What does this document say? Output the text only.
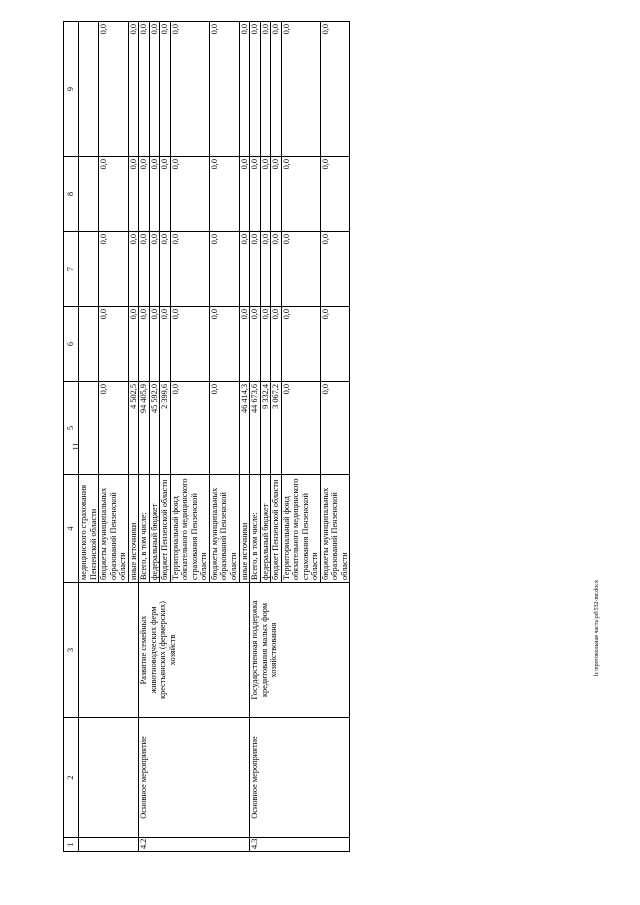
11
1	2	3	4	5	6	7	8	9
			медицинского страхования Пензенской области					
			бюджеты муниципальных образований Пензенской области	0,0	0,0	0,0	0,0	0,0
			иные источники	4 502,5	0,0	0,0	0,0	0,0
4.2.	Основное мероприятие	Развитие семейных животноводческих ферм крестьянских (фермерских) хозяйств	Всего, в том числе:	94 405,9	0,0	0,0	0,0	0,0
			федеральный бюджет	45 592,0	0,0	0,0	0,0	0,0
			бюджет Пензенской области	2 399,6	0,0	0,0	0,0	0,0
			Территориальный фонд обязательного медицинского страхования Пензенской области	0,0	0,0	0,0	0,0	0,0
			бюджеты муниципальных образований Пензенской области	0,0	0,0	0,0	0,0	0,0
			иные источники	46 414,3	0,0	0,0	0,0	0,0
4.3.	Основное мероприятие	Государственная поддержка кредитования малых форм хозяйствования	Всего, в том числе:	44 673,6	0,0	0,0	0,0	0,0
			федеральный бюджет	9 332,4	0,0	0,0	0,0	0,0
			бюджет Пензенской области	3 067,2	0,0	0,0	0,0	0,0
			Территориальный фонд обязательного медицинского страхования Пензенской области	0,0	0,0	0,0	0,0	0,0
			бюджеты муниципальных образований Пензенской области	0,0	0,0	0,0	0,0	0,0
h:\протокольная часть\pd\532-mr.docx
